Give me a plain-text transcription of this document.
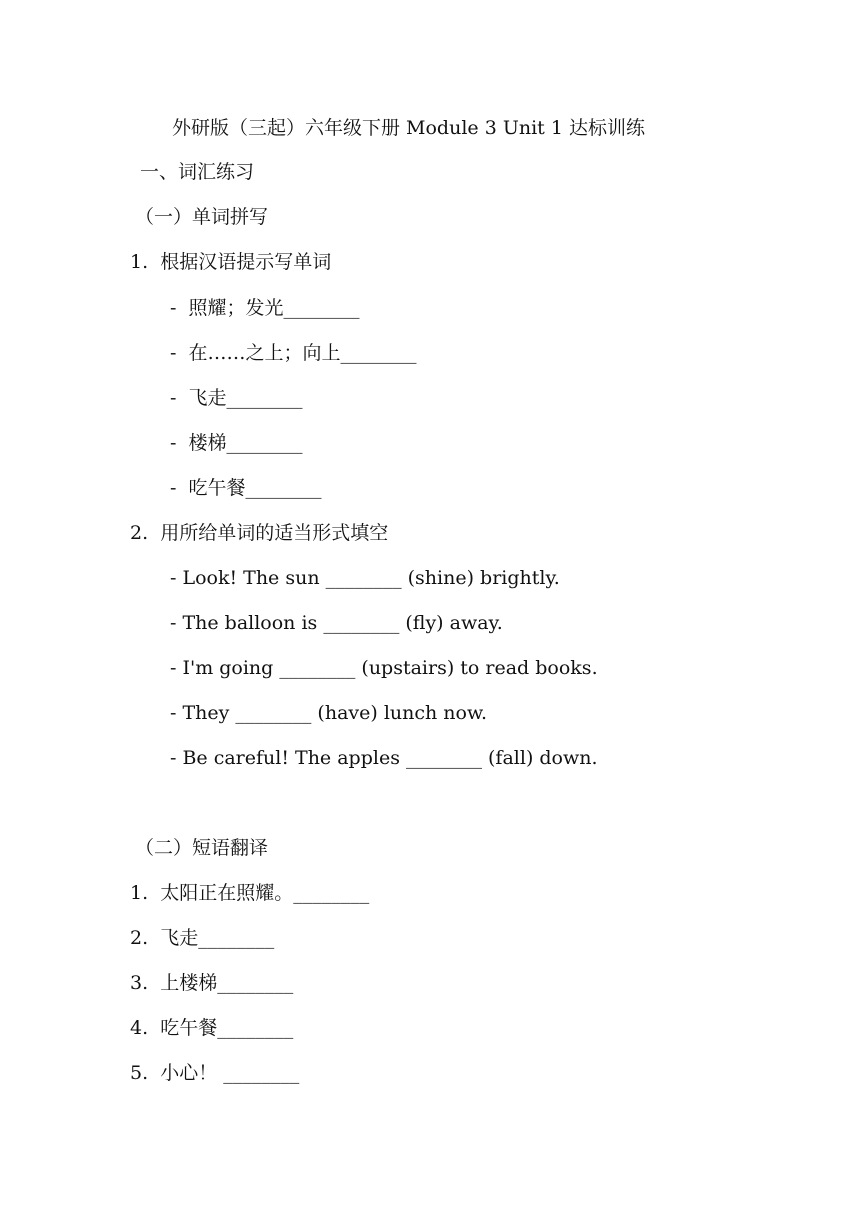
外研版（三起）六年级下册 Module 3 Unit 1 达标训练
一、词汇练习
（一）单词拼写
1.  根据汉语提示写单词
-  照耀；发光________
-  在……之上；向上________
-  飞走________
-  楼梯________
-  吃午餐________
2.  用所给单词的适当形式填空
- Look! The sun ________ (shine) brightly.
- The balloon is ________ (fly) away.
- I'm going ________ (upstairs) to read books.
- They ________ (have) lunch now.
- Be careful! The apples ________ (fall) down.
（二）短语翻译
1.  太阳正在照耀。________
2.  飞走________
3.  上楼梯________
4.  吃午餐________
5.  小心！ ________
